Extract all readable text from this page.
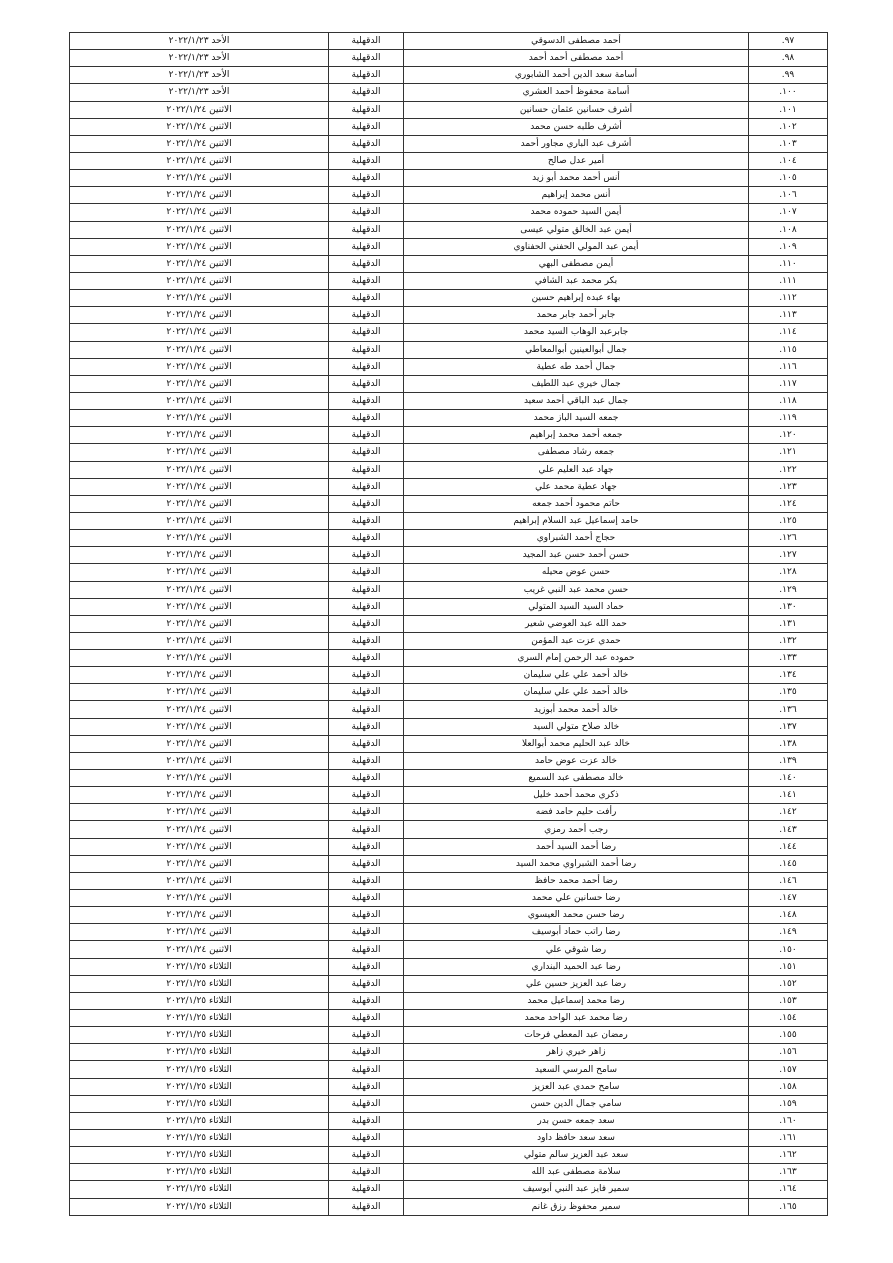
الأحد ٢٠٢٢/١/٢٣	الدقهلية	أحمد مصطفى الدسوقي	٩٧.
الأحد ٢٠٢٢/١/٢٣	الدقهلية	أحمد مصطفى أحمد أحمد	٩٨.
الأحد ٢٠٢٢/١/٢٣	الدقهلية	أسامة سعد الدين أحمد الشابوري	٩٩.
الأحد ٢٠٢٢/١/٢٣	الدقهلية	أسامة محفوظ أحمد العشري	١٠٠.
الاثنين ٢٠٢٢/١/٢٤	الدقهلية	أشرف حسانين عثمان حسانين	١٠١.
الاثنين ٢٠٢٢/١/٢٤	الدقهلية	أشرف طلبه حسن محمد	١٠٢.
الاثنين ٢٠٢٢/١/٢٤	الدقهلية	أشرف عبد الباري مجاور أحمد	١٠٣.
الاثنين ٢٠٢٢/١/٢٤	الدقهلية	أمير عدل صالح	١٠٤.
الاثنين ٢٠٢٢/١/٢٤	الدقهلية	أنس أحمد محمد أبو زيد	١٠٥.
الاثنين ٢٠٢٢/١/٢٤	الدقهلية	أنس محمد إبراهيم	١٠٦.
الاثنين ٢٠٢٢/١/٢٤	الدقهلية	أيمن السيد حموده محمد	١٠٧.
الاثنين ٢٠٢٢/١/٢٤	الدقهلية	أيمن عبد الخالق متولي عيسى	١٠٨.
الاثنين ٢٠٢٢/١/٢٤	الدقهلية	أيمن عبد المولي الحفني الحفناوي	١٠٩.
الاثنين ٢٠٢٢/١/٢٤	الدقهلية	أيمن مصطفى البهي	١١٠.
الاثنين ٢٠٢٢/١/٢٤	الدقهلية	بكر محمد عبد الشافي	١١١.
الاثنين ٢٠٢٢/١/٢٤	الدقهلية	بهاء عبده إبراهيم حسين	١١٢.
الاثنين ٢٠٢٢/١/٢٤	الدقهلية	جابر أحمد جابر محمد	١١٣.
الاثنين ٢٠٢٢/١/٢٤	الدقهلية	جابرعبد الوهاب السيد محمد	١١٤.
الاثنين ٢٠٢٢/١/٢٤	الدقهلية	جمال أبوالعينين أبوالمعاطي	١١٥.
الاثنين ٢٠٢٢/١/٢٤	الدقهلية	جمال أحمد طه عطية	١١٦.
الاثنين ٢٠٢٢/١/٢٤	الدقهلية	جمال خيري عبد اللطيف	١١٧.
الاثنين ٢٠٢٢/١/٢٤	الدقهلية	جمال عبد الباقي أحمد سعيد	١١٨.
الاثنين ٢٠٢٢/١/٢٤	الدقهلية	جمعه السيد الباز محمد	١١٩.
الاثنين ٢٠٢٢/١/٢٤	الدقهلية	جمعه أحمد محمد إبراهيم	١٢٠.
الاثنين ٢٠٢٢/١/٢٤	الدقهلية	جمعه رشاد مصطفى	١٢١.
الاثنين ٢٠٢٢/١/٢٤	الدقهلية	جهاد عبد العليم علي	١٢٢.
الاثنين ٢٠٢٢/١/٢٤	الدقهلية	جهاد عطية محمد علي	١٢٣.
الاثنين ٢٠٢٢/١/٢٤	الدقهلية	حاتم محمود أحمد جمعه	١٢٤.
الاثنين ٢٠٢٢/١/٢٤	الدقهلية	حامد إسماعيل عبد السلام إبراهيم	١٢٥.
الاثنين ٢٠٢٢/١/٢٤	الدقهلية	حجاج أحمد الشبراوي	١٢٦.
الاثنين ٢٠٢٢/١/٢٤	الدقهلية	حسن أحمد حسن عبد المجيد	١٢٧.
الاثنين ٢٠٢٢/١/٢٤	الدقهلية	حسن عوض محيله	١٢٨.
الاثنين ٢٠٢٢/١/٢٤	الدقهلية	حسن محمد عبد النبي غريب	١٢٩.
الاثنين ٢٠٢٢/١/٢٤	الدقهلية	حماد السيد السيد المتولي	١٣٠.
الاثنين ٢٠٢٢/١/٢٤	الدقهلية	حمد الله عبد العوضي شعير	١٣١.
الاثنين ٢٠٢٢/١/٢٤	الدقهلية	حمدي عزت عبد المؤمن	١٣٢.
الاثنين ٢٠٢٢/١/٢٤	الدقهلية	حموده عبد الرحمن إمام السري	١٣٣.
الاثنين ٢٠٢٢/١/٢٤	الدقهلية	خالد أحمد علي علي سليمان	١٣٤.
الاثنين ٢٠٢٢/١/٢٤	الدقهلية	خالد أحمد علي علي سليمان	١٣٥.
الاثنين ٢٠٢٢/١/٢٤	الدقهلية	خالد أحمد محمد أبوزيد	١٣٦.
الاثنين ٢٠٢٢/١/٢٤	الدقهلية	خالد صلاح متولي السيد	١٣٧.
الاثنين ٢٠٢٢/١/٢٤	الدقهلية	خالد عبد الحليم محمد أبوالعلا	١٣٨.
الاثنين ٢٠٢٢/١/٢٤	الدقهلية	خالد عزت عوض حامد	١٣٩.
الاثنين ٢٠٢٢/١/٢٤	الدقهلية	خالد مصطفى عبد السميع	١٤٠.
الاثنين ٢٠٢٢/١/٢٤	الدقهلية	ذكري محمد أحمد خليل	١٤١.
الاثنين ٢٠٢٢/١/٢٤	الدقهلية	رأفت حليم حامد فضه	١٤٢.
الاثنين ٢٠٢٢/١/٢٤	الدقهلية	رجب أحمد رمزي	١٤٣.
الاثنين ٢٠٢٢/١/٢٤	الدقهلية	رضا أحمد السيد أحمد	١٤٤.
الاثنين ٢٠٢٢/١/٢٤	الدقهلية	رضا أحمد الشبراوي محمد السيد	١٤٥.
الاثنين ٢٠٢٢/١/٢٤	الدقهلية	رضا أحمد محمد حافظ	١٤٦.
الاثنين ٢٠٢٢/١/٢٤	الدقهلية	رضا حسانين علي محمد	١٤٧.
الاثنين ٢٠٢٢/١/٢٤	الدقهلية	رضا حسن محمد العيسوي	١٤٨.
الاثنين ٢٠٢٢/١/٢٤	الدقهلية	رضا راتب حماد أبوسيف	١٤٩.
الاثنين ٢٠٢٢/١/٢٤	الدقهلية	رضا شوقي علي	١٥٠.
الثلاثاء ٢٠٢٢/١/٢٥	الدقهلية	رضا عبد الحميد البنداري	١٥١.
الثلاثاء ٢٠٢٢/١/٢٥	الدقهلية	رضا عبد العزيز حسين علي	١٥٢.
الثلاثاء ٢٠٢٢/١/٢٥	الدقهلية	رضا محمد إسماعيل محمد	١٥٣.
الثلاثاء ٢٠٢٢/١/٢٥	الدقهلية	رضا محمد عبد الواحد محمد	١٥٤.
الثلاثاء ٢٠٢٢/١/٢٥	الدقهلية	رمضان عبد المعطي فرحات	١٥٥.
الثلاثاء ٢٠٢٢/١/٢٥	الدقهلية	زاهر خيري زاهر	١٥٦.
الثلاثاء ٢٠٢٢/١/٢٥	الدقهلية	سامح المرسي السعيد	١٥٧.
الثلاثاء ٢٠٢٢/١/٢٥	الدقهلية	سامح حمدي عبد العزيز	١٥٨.
الثلاثاء ٢٠٢٢/١/٢٥	الدقهلية	سامي جمال الدين حسن	١٥٩.
الثلاثاء ٢٠٢٢/١/٢٥	الدقهلية	سعد جمعه حسن بدر	١٦٠.
الثلاثاء ٢٠٢٢/١/٢٥	الدقهلية	سعد سعد حافظ داود	١٦١.
الثلاثاء ٢٠٢٢/١/٢٥	الدقهلية	سعد عبد العزيز سالم متولي	١٦٢.
الثلاثاء ٢٠٢٢/١/٢٥	الدقهلية	سلامة مصطفى عبد الله	١٦٣.
الثلاثاء ٢٠٢٢/١/٢٥	الدقهلية	سمير فايز عبد النبي أبوسيف	١٦٤.
الثلاثاء ٢٠٢٢/١/٢٥	الدقهلية	سمير محفوظ رزق غانم	١٦٥.
